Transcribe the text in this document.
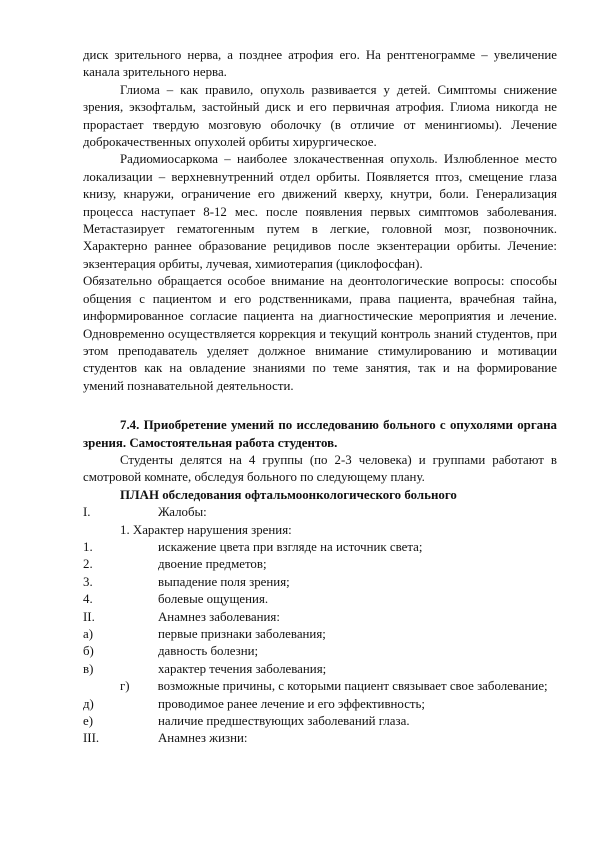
диск зрительного нерва, а позднее атрофия его. На рентгенограмме – увеличение канала зрительного нерва.

Глиома – как правило, опухоль развивается у детей. Симптомы снижение зрения, экзофтальм, застойный диск и его первичная атрофия. Глиома никогда не прорастает твердую мозговую оболочку (в отличие от менингиомы). Лечение доброкачественных опухолей орбиты хирургическое.

Радиомиосаркома – наиболее злокачественная опухоль. Излюбленное место локализации – верхневнутренний отдел орбиты. Появляется птоз, смещение глаза книзу, кнаружи, ограничение его движений кверху, кнутри, боли. Генерализация процесса наступает 8-12 мес. после появления первых симптомов заболевания. Метастазирует гематогенным путем в легкие, головной мозг, позвоночник. Характерно раннее образование рецидивов после экзентерации орбиты. Лечение: экзентерация орбиты, лучевая, химиотерапия (циклофосфан).

Обязательно обращается особое внимание на деонтологические вопросы: способы общения с пациентом и его родственниками, права пациента, врачебная тайна, информированное согласие пациента на диагностические мероприятия и лечение. Одновременно осуществляется коррекция и текущий контроль знаний студентов, при этом преподаватель уделяет должное внимание стимулированию и мотивации студентов как на овладение знаниями по теме занятия, так и на формирование умений познавательной деятельности.

7.4. Приобретение умений по исследованию больного с опухолями органа зрения. Самостоятельная работа студентов.

Студенты делятся на 4 группы (по 2-3 человека) и группами работают в смотровой комнате, обследуя больного по следующему плану.

ПЛАН обследования офтальмоонкологического больного

I.	Жалобы:

1. Характер нарушения зрения:

1.	искажение цвета при взгляде на источник света;

2.	двоение предметов;

3.	выпадение поля зрения;

4.	болевые ощущения.

II.	Анамнез заболевания:

а)	первые признаки заболевания;

б)	давность болезни;

в)	характер течения заболевания;

г) возможные причины, с которыми пациент связывает свое заболевание;

д)	проводимое ранее лечение и его эффективность;

е)	наличие предшествующих заболеваний глаза.

III.	Анамнез жизни:
